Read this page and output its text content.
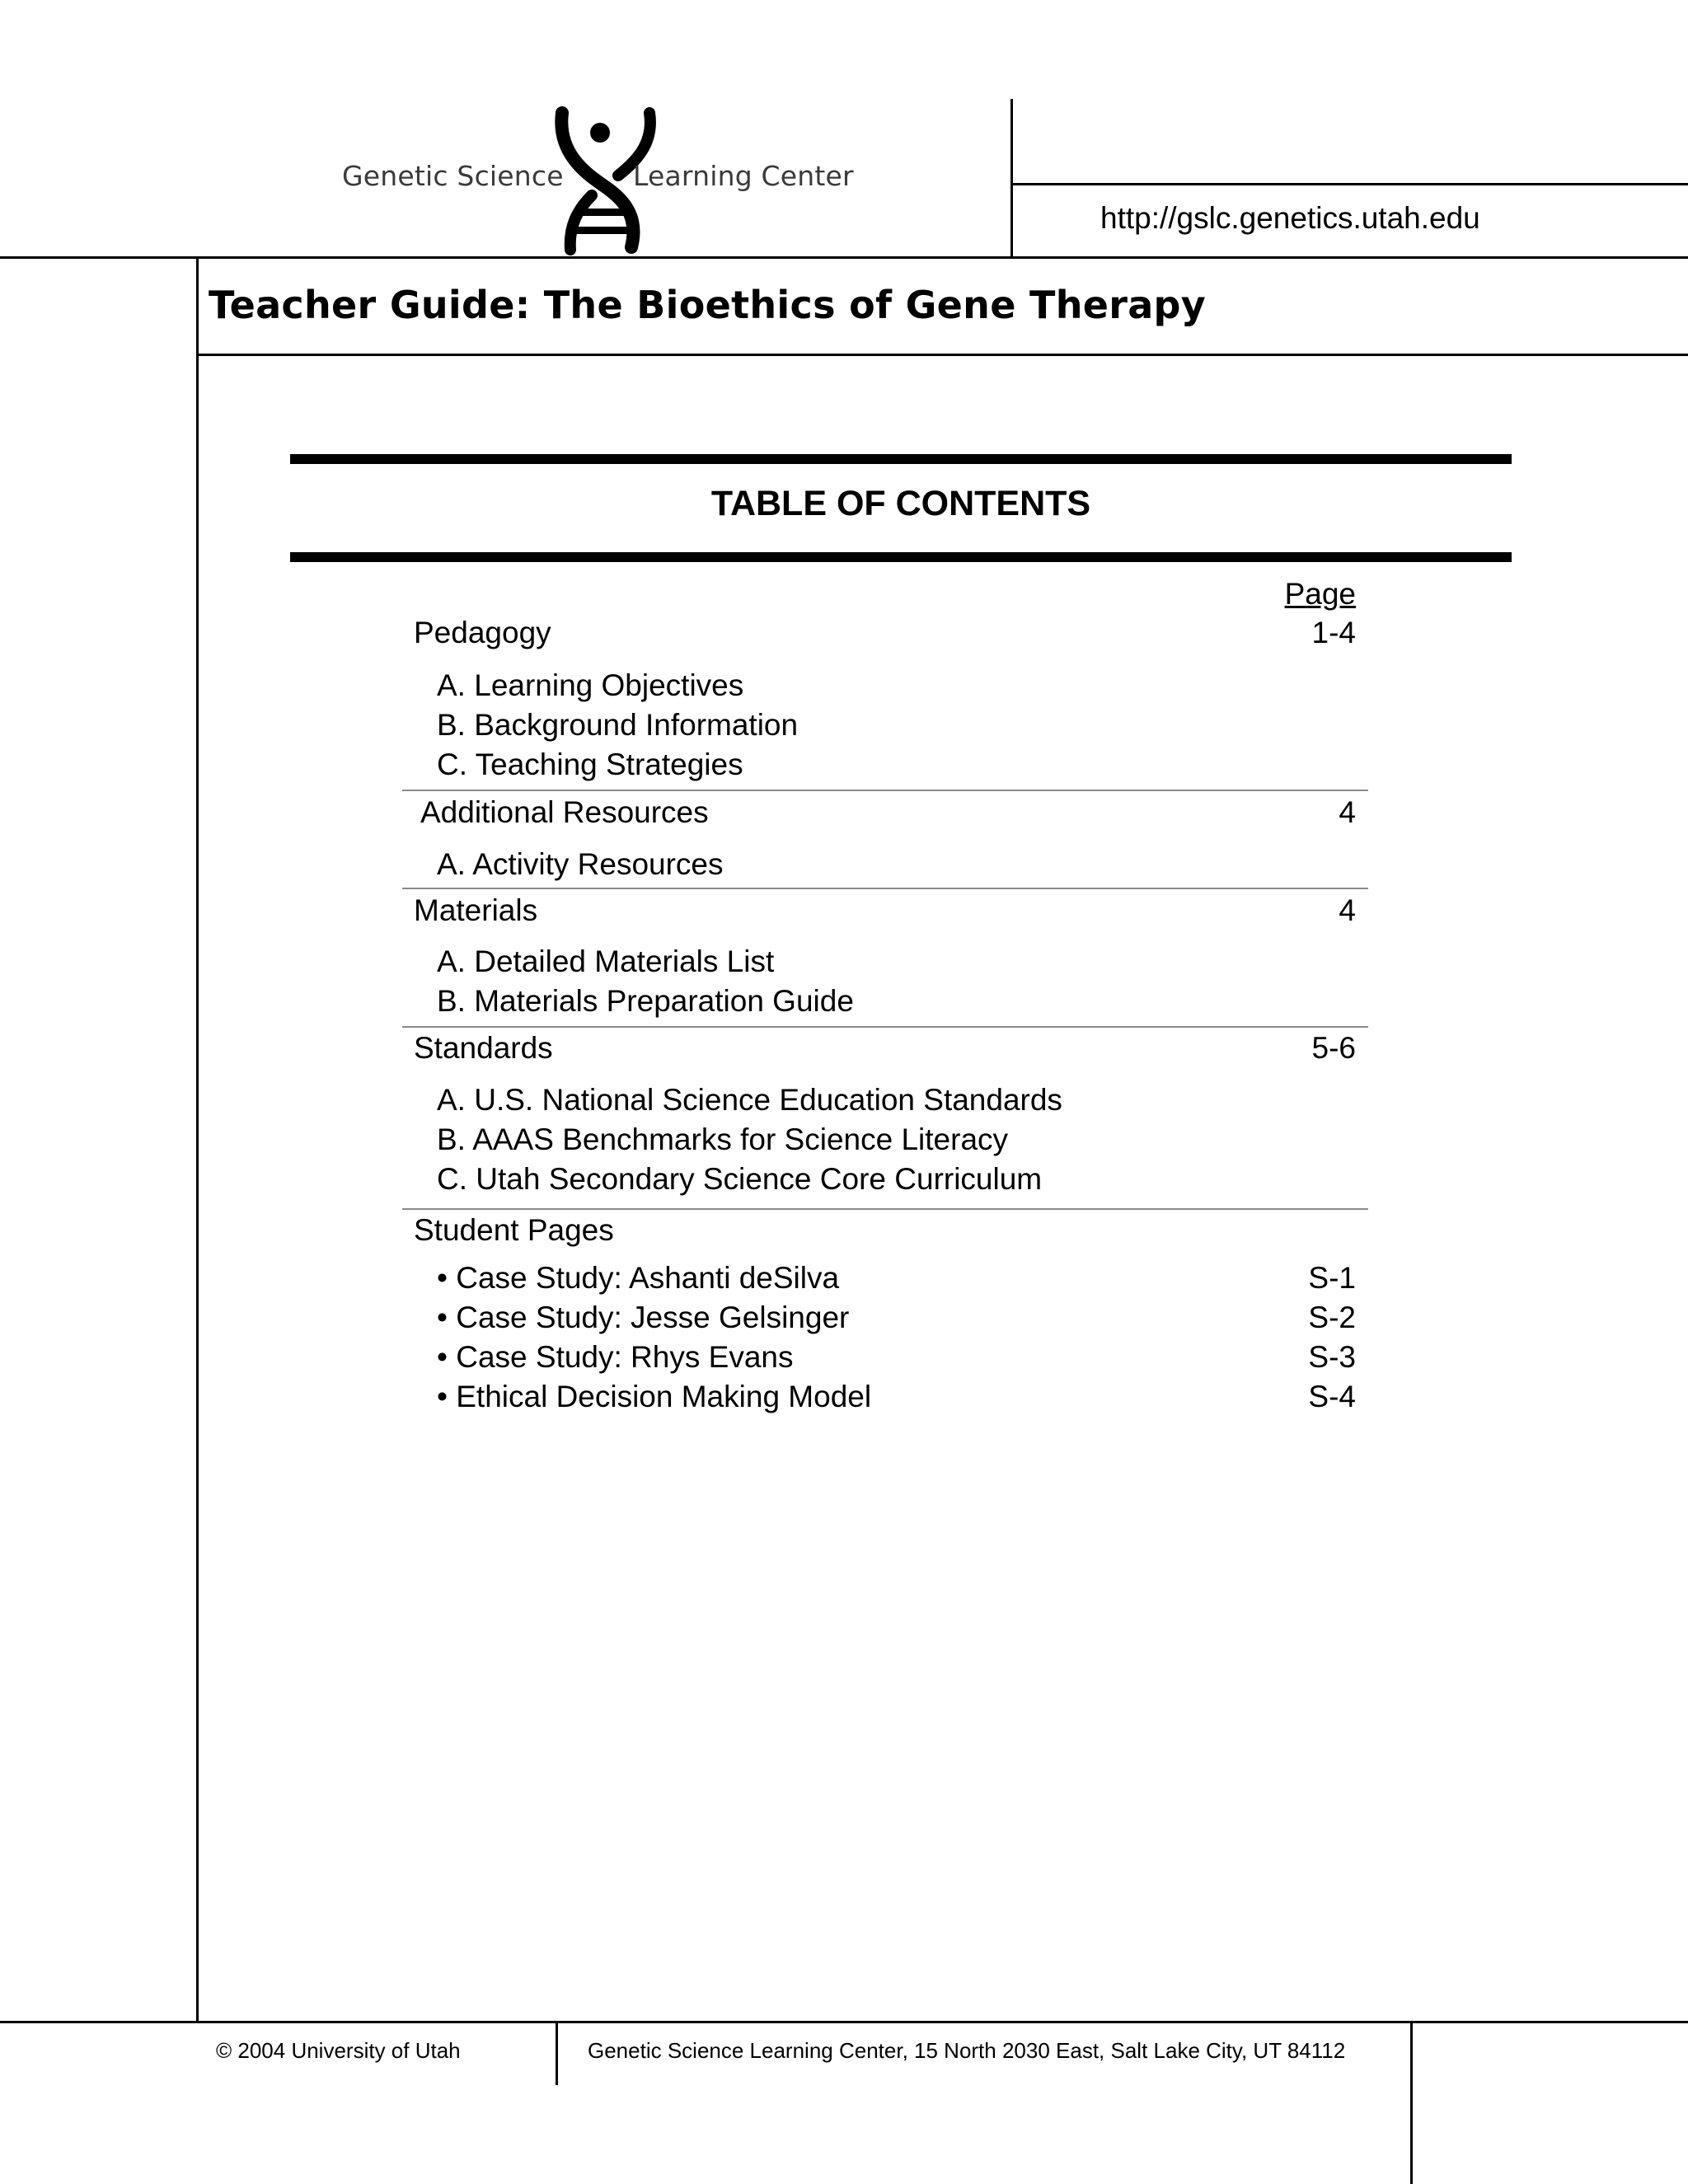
Genetic Science	Learning Center
http://gslc.genetics.utah.edu
Teacher Guide: The Bioethics of Gene Therapy
TABLE OF CONTENTS
Page
Pedagogy	1-4
A. Learning Objectives
B. Background Information
C. Teaching Strategies
Additional Resources	4
A. Activity Resources
Materials	4
A. Detailed Materials List
B. Materials Preparation Guide
Standards	5-6
A. U.S. National Science Education Standards
B. AAAS Benchmarks for Science Literacy
C. Utah Secondary Science Core Curriculum
Student Pages
• Case Study: Ashanti deSilva	S-1
• Case Study: Jesse Gelsinger	S-2
• Case Study: Rhys Evans	S-3
• Ethical Decision Making Model	S-4
© 2004 University of Utah	Genetic Science Learning Center, 15 North 2030 East, Salt Lake City, UT 84112
